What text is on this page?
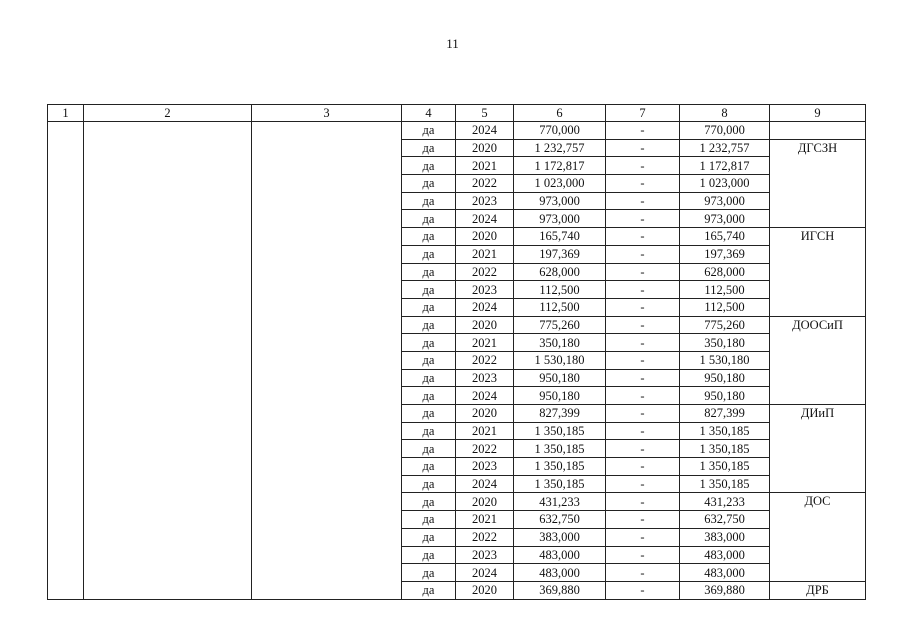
11
1	2	3	4	5	6	7	8	9
			да	2024	770,000	-	770,000	
			да	2020	1 232,757	-	1 232,757	ДГСЗН
			да	2021	1 172,817	-	1 172,817	
			да	2022	1 023,000	-	1 023,000	
			да	2023	973,000	-	973,000	
			да	2024	973,000	-	973,000	
			да	2020	165,740	-	165,740	ИГСН
			да	2021	197,369	-	197,369	
			да	2022	628,000	-	628,000	
			да	2023	112,500	-	112,500	
			да	2024	112,500	-	112,500	
			да	2020	775,260	-	775,260	ДООСиП
			да	2021	350,180	-	350,180	
			да	2022	1 530,180	-	1 530,180	
			да	2023	950,180	-	950,180	
			да	2024	950,180	-	950,180	
			да	2020	827,399	-	827,399	ДИиП
			да	2021	1 350,185	-	1 350,185	
			да	2022	1 350,185	-	1 350,185	
			да	2023	1 350,185	-	1 350,185	
			да	2024	1 350,185	-	1 350,185	
			да	2020	431,233	-	431,233	ДОС
			да	2021	632,750	-	632,750	
			да	2022	383,000	-	383,000	
			да	2023	483,000	-	483,000	
			да	2024	483,000	-	483,000	
			да	2020	369,880	-	369,880	ДРБ
